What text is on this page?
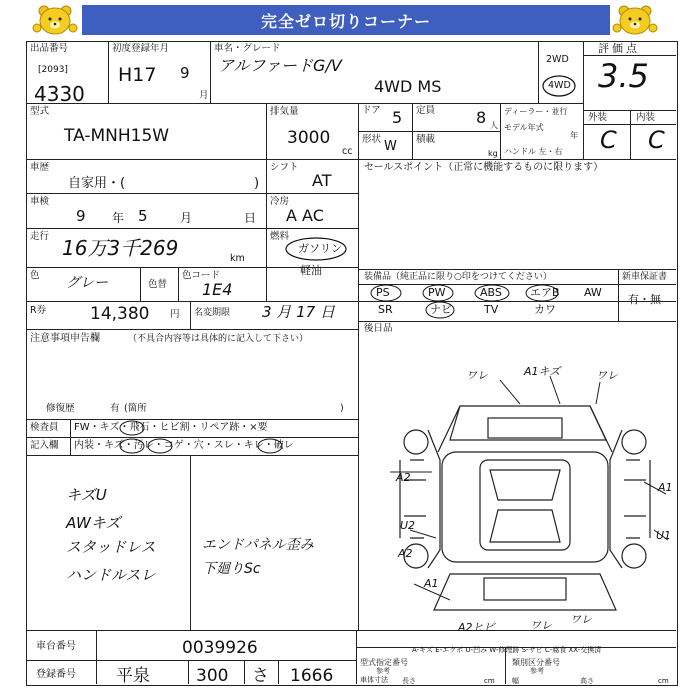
完全ゼロ切りコーナー
出品番号
[2093]
4330
初度登録年月
H17 9
月
車名・グレード
アルファードG/V
4WD MS
2WD
4WD
評価点
3.5
型式
TA-MNH15W
排気量
3000
cc
ドア 5 定員	8 人
ディーラー・並行
モデル年式
年
ハンドル 左・右
外装
C
内装
C
形状 W 積載
kg
車歴
自家用・(	)
シフト
AT
セールスポイント（正常に機能するものに限ります）
車検
9 年 5	月	日
冷房
A AC
走行 16万3千269	km
燃料
ガソリン
軽油
色 グレー	色替
色コード
1E4
装備品（純正品に限り○印をつけてください）	新車保証書
有・無
PS	PW	ABS	エアB AW
SR	ナビ	TV	カワ
R券	14,380 円 名変期限 3 月 17 日
後日品
注意事項申告欄	（不具合内容等は具体的に記入して下さい）
修復歴	有 (箇所	)
検査員
記入欄
FW・キズ・飛石・ヒビ割・リペア跡・×要
内装・キズ・汚レ・コゲ・穴・スレ・キレ・破レ
キズU
AWキズ
スタッドレス
ハンドルスレ
エンドパネル歪み
下廻りSc
ワレ	A1キズ	ワレ
A2
A1
U2
U1
A2
A1
A2ヒビ	ワレ ワレ
A-キズ E-エクボ U-凹み W-修理跡 S-サビ C-腐食 XX-交換済
車台番号	0039926
登録番号 平泉	300 さ 1666
型式指定番号
参考
類別区分番号
参考
車体寸法 長さ	cm 幅	高さ	cm
